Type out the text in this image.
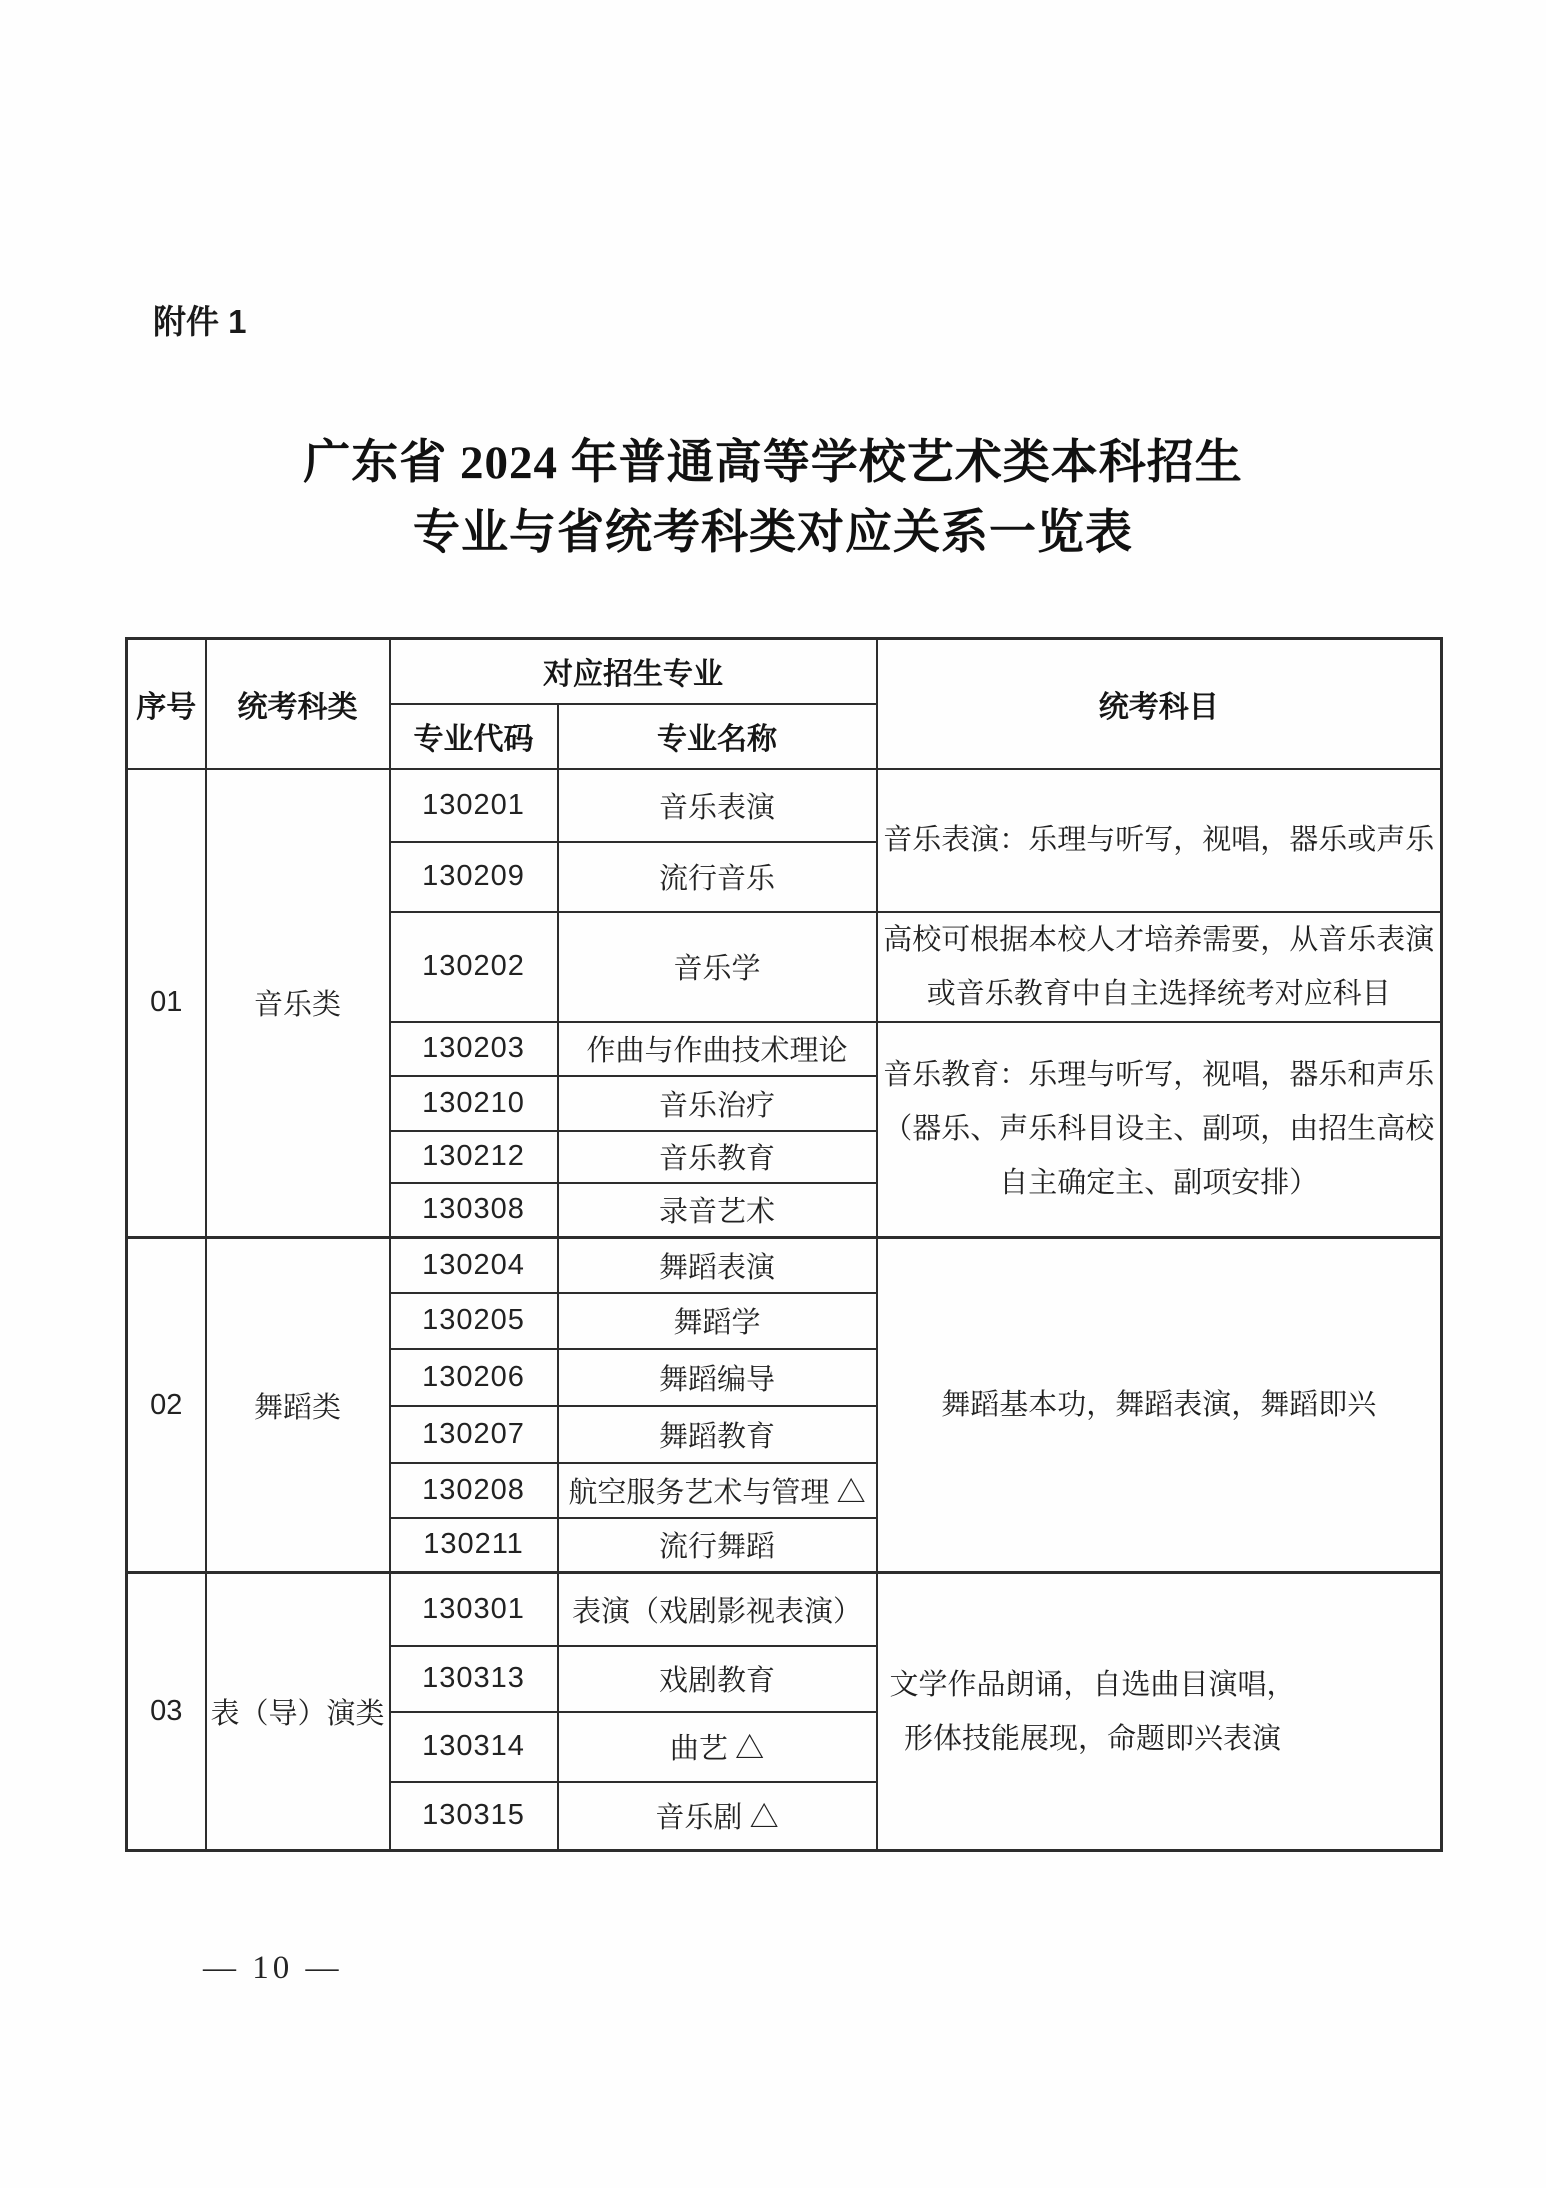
附件 1
广东省 2024 年普通高等学校艺术类本科招生
专业与省统考科类对应关系一览表
序号	统考科类	对应招生专业		统考科目
		专业代码	专业名称	
01	音乐类	130201	音乐表演	音乐表演：乐理与听写，视唱，器乐或声乐

		130209	流行音乐	
		130202	音乐学	高校可根据本校人才培养需要，从音乐表演或音乐教育中自主选择统考对应科目

		130203	作曲与作曲技术理论	音乐教育：乐理与听写，视唱，器乐和声乐（器乐、声乐科目设主、副项，由招生高校自主确定主、副项安排）

		130210	音乐治疗	
		130212	音乐教育	
		130308	录音艺术	
02	舞蹈类	130204	舞蹈表演	舞蹈基本功，舞蹈表演，舞蹈即兴

		130205	舞蹈学	
		130206	舞蹈编导	
		130207	舞蹈教育	
		130208	航空服务艺术与管理 △	
		130211	流行舞蹈	
03	表（导）演类	130301	表演（戏剧影视表演）	文学作品朗诵，自选曲目演唱，形体技能展现，命题即兴表演

		130313	戏剧教育	
		130314	曲艺 △	
		130315	音乐剧 △	
— 10 —
